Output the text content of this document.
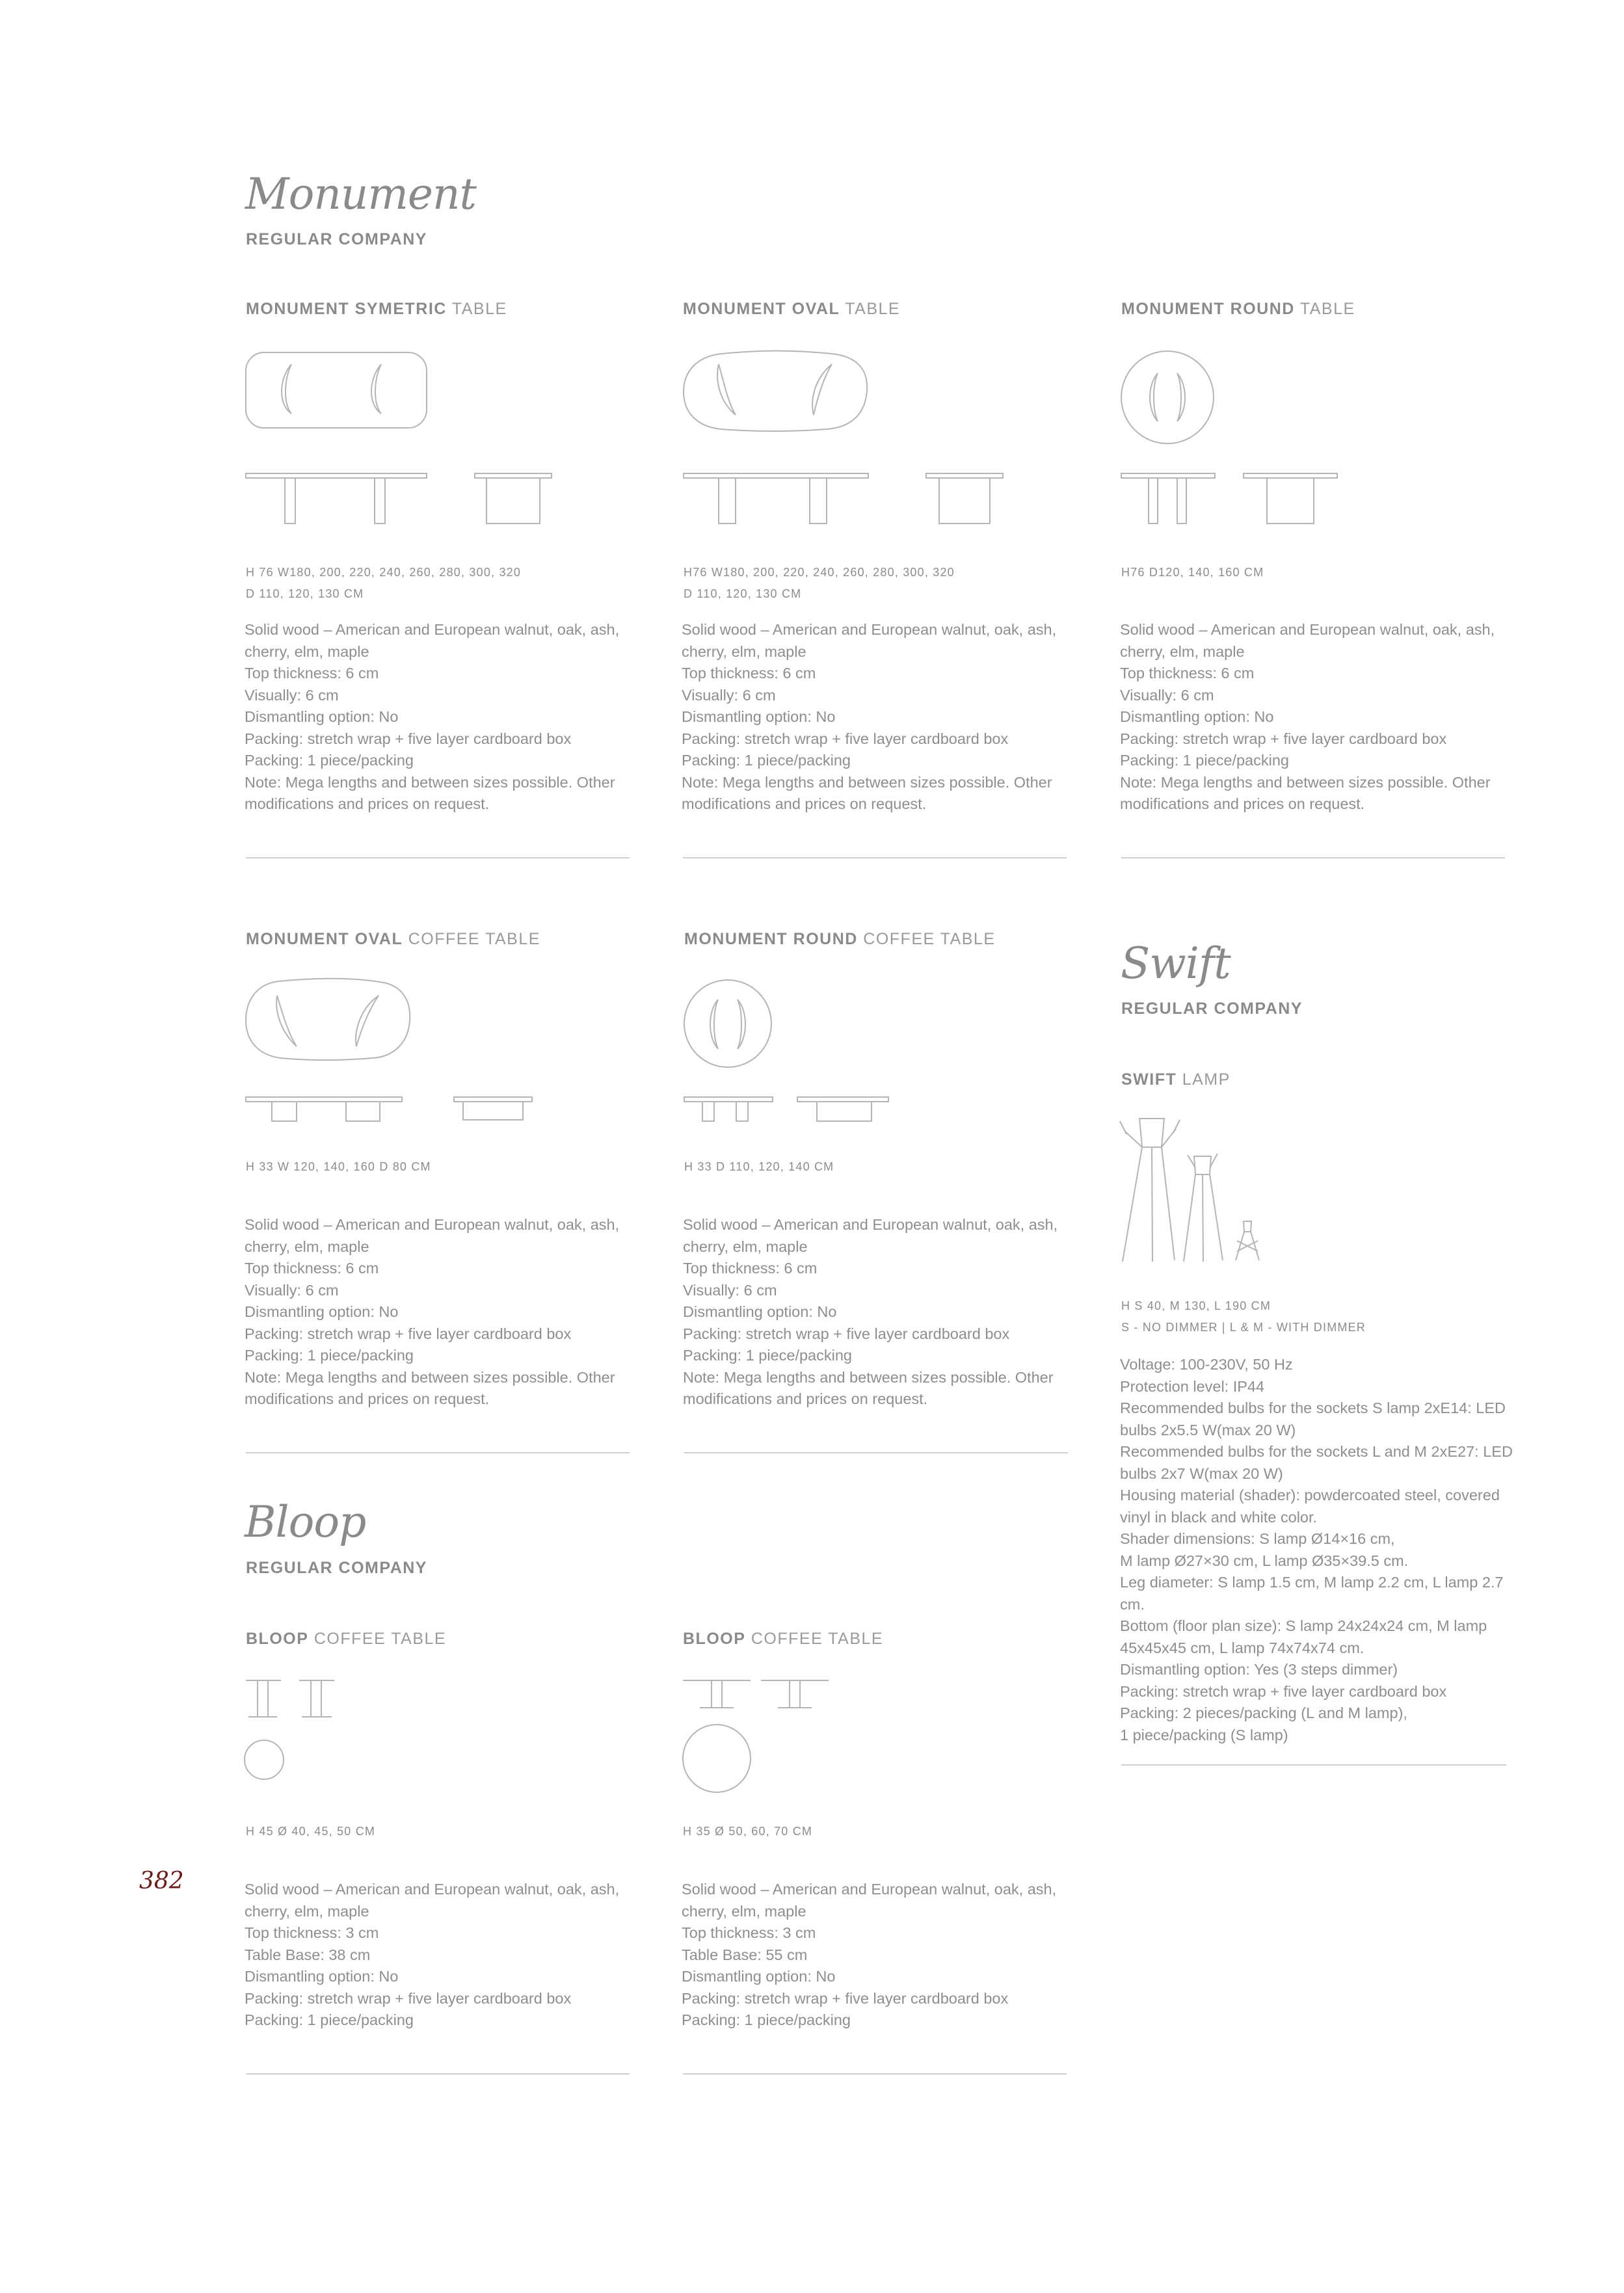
Monument
REGULAR COMPANY
MONUMENT SYMETRIC TABLE
H 76 W180, 200, 220, 240, 260, 280, 300, 320
D 110, 120, 130 CM
Solid wood – American and European walnut, oak, ash,
cherry, elm, maple
Top thickness: 6 cm
Visually: 6 cm
Dismantling option: No
Packing: stretch wrap + five layer cardboard box
Packing: 1 piece/packing
Note: Mega lengths and between sizes possible. Other
modifications and prices on request.
MONUMENT OVAL TABLE
H76 W180, 200, 220, 240, 260, 280, 300, 320
D 110, 120, 130 CM
Solid wood – American and European walnut, oak, ash,
cherry, elm, maple
Top thickness: 6 cm
Visually: 6 cm
Dismantling option: No
Packing: stretch wrap + five layer cardboard box
Packing: 1 piece/packing
Note: Mega lengths and between sizes possible. Other
modifications and prices on request.
MONUMENT ROUND TABLE
H76 D120, 140, 160 CM
Solid wood – American and European walnut, oak, ash,
cherry, elm, maple
Top thickness: 6 cm
Visually: 6 cm
Dismantling option: No
Packing: stretch wrap + five layer cardboard box
Packing: 1 piece/packing
Note: Mega lengths and between sizes possible. Other
modifications and prices on request.
MONUMENT OVAL COFFEE TABLE
H 33 W 120, 140, 160 D 80 CM
Solid wood – American and European walnut, oak, ash,
cherry, elm, maple
Top thickness: 6 cm
Visually: 6 cm
Dismantling option: No
Packing: stretch wrap + five layer cardboard box
Packing: 1 piece/packing
Note: Mega lengths and between sizes possible. Other
modifications and prices on request.
MONUMENT ROUND COFFEE TABLE
H 33 D 110, 120, 140 CM
Solid wood – American and European walnut, oak, ash,
cherry, elm, maple
Top thickness: 6 cm
Visually: 6 cm
Dismantling option: No
Packing: stretch wrap + five layer cardboard box
Packing: 1 piece/packing
Note: Mega lengths and between sizes possible. Other
modifications and prices on request.
Swift
REGULAR COMPANY
SWIFT LAMP
H S 40, M 130, L 190 CM
S - NO DIMMER | L & M - WITH DIMMER
Voltage: 100-230V, 50 Hz
Protection level: IP44
Recommended bulbs for the sockets S lamp 2xE14: LED
bulbs 2x5.5 W(max 20 W)
Recommended bulbs for the sockets L and M 2xE27: LED
bulbs 2x7 W(max 20 W)
Housing material (shader): powdercoated steel, covered
vinyl in black and white color.
Shader dimensions: S lamp Ø14×16 cm,
M lamp Ø27×30 cm, L lamp Ø35×39.5 cm.
Leg diameter: S lamp 1.5 cm, M lamp 2.2 cm, L lamp 2.7
cm.
Bottom (floor plan size): S lamp 24x24x24 cm, M lamp
45x45x45 cm, L lamp 74x74x74 cm.
Dismantling option: Yes (3 steps dimmer)
Packing: stretch wrap + five layer cardboard box
Packing: 2 pieces/packing (L and M lamp),
1 piece/packing (S lamp)
Bloop
REGULAR COMPANY
BLOOP COFFEE TABLE
H 45 Ø 40, 45, 50 CM
Solid wood – American and European walnut, oak, ash,
cherry, elm, maple
Top thickness: 3 cm
Table Base: 38 cm
Dismantling option: No
Packing: stretch wrap + five layer cardboard box
Packing: 1 piece/packing
BLOOP COFFEE TABLE
H 35 Ø 50, 60, 70 CM
Solid wood – American and European walnut, oak, ash,
cherry, elm, maple
Top thickness: 3 cm
Table Base: 55 cm
Dismantling option: No
Packing: stretch wrap + five layer cardboard box
Packing: 1 piece/packing
382
